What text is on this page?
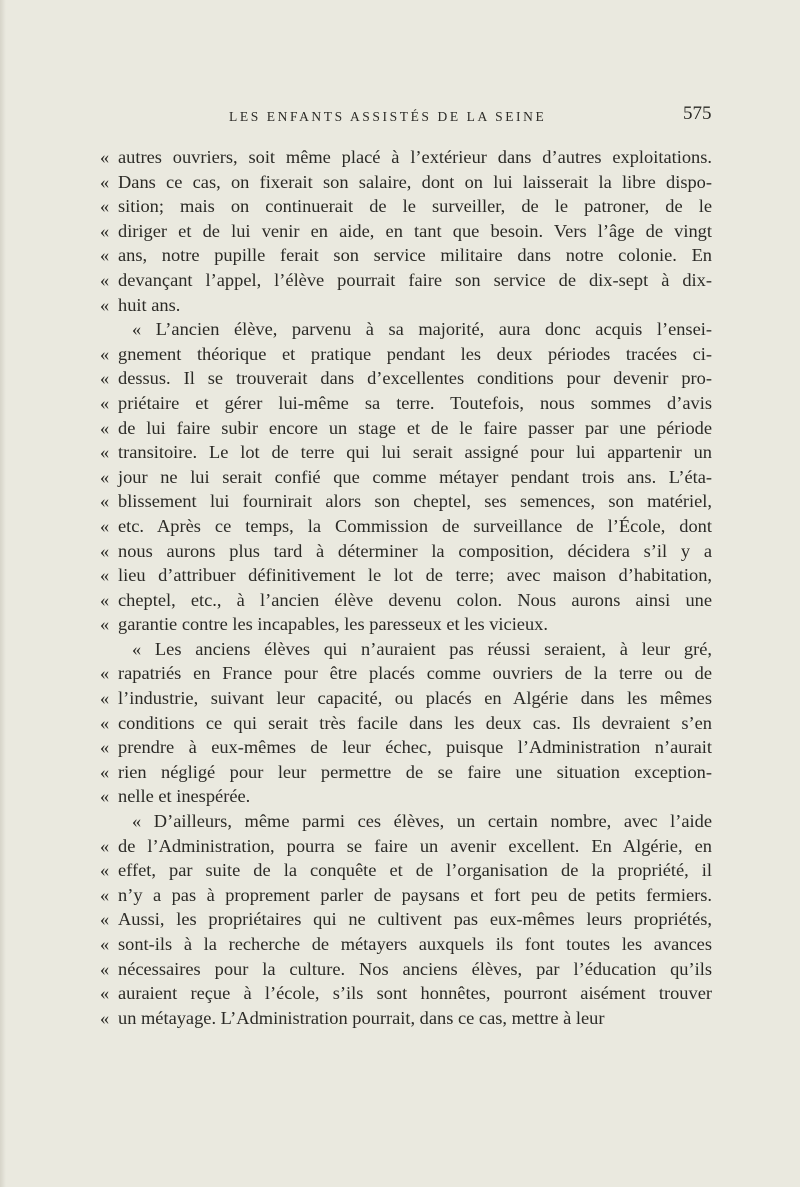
LES ENFANTS ASSISTÉS DE LA SEINE	575
« autres ouvriers, soit même placé à l’extérieur dans d’autres exploitations.
« Dans ce cas, on fixerait son salaire, dont on lui laisserait la libre dispo-
« sition; mais on continuerait de le surveiller, de le patroner, de le
« diriger et de lui venir en aide, en tant que besoin. Vers l’âge de vingt
« ans, notre pupille ferait son service militaire dans notre colonie. En
« devançant l’appel, l’élève pourrait faire son service de dix-sept à dix-
« huit ans.
« L’ancien élève, parvenu à sa majorité, aura donc acquis l’ensei-
« gnement théorique et pratique pendant les deux périodes tracées ci-
« dessus. Il se trouverait dans d’excellentes conditions pour devenir pro-
« priétaire et gérer lui-même sa terre. Toutefois, nous sommes d’avis
« de lui faire subir encore un stage et de le faire passer par une période
« transitoire. Le lot de terre qui lui serait assigné pour lui appartenir un
« jour ne lui serait confié que comme métayer pendant trois ans. L’éta-
« blissement lui fournirait alors son cheptel, ses semences, son matériel,
« etc. Après ce temps, la Commission de surveillance de l’École, dont
« nous aurons plus tard à déterminer la composition, décidera s’il y a
« lieu d’attribuer définitivement le lot de terre; avec maison d’habitation,
« cheptel, etc., à l’ancien élève devenu colon. Nous aurons ainsi une
« garantie contre les incapables, les paresseux et les vicieux.
« Les anciens élèves qui n’auraient pas réussi seraient, à leur gré,
« rapatriés en France pour être placés comme ouvriers de la terre ou de
« l’industrie, suivant leur capacité, ou placés en Algérie dans les mêmes
« conditions ce qui serait très facile dans les deux cas. Ils devraient s’en
« prendre à eux-mêmes de leur échec, puisque l’Administration n’aurait
« rien négligé pour leur permettre de se faire une situation exception-
« nelle et inespérée.
« D’ailleurs, même parmi ces élèves, un certain nombre, avec l’aide
« de l’Administration, pourra se faire un avenir excellent. En Algérie, en
« effet, par suite de la conquête et de l’organisation de la propriété, il
« n’y a pas à proprement parler de paysans et fort peu de petits fermiers.
« Aussi, les propriétaires qui ne cultivent pas eux-mêmes leurs propriétés,
« sont-ils à la recherche de métayers auxquels ils font toutes les avances
« nécessaires pour la culture. Nos anciens élèves, par l’éducation qu’ils
« auraient reçue à l’école, s’ils sont honnêtes, pourront aisément trouver
« un métayage. L’Administration pourrait, dans ce cas, mettre à leur
